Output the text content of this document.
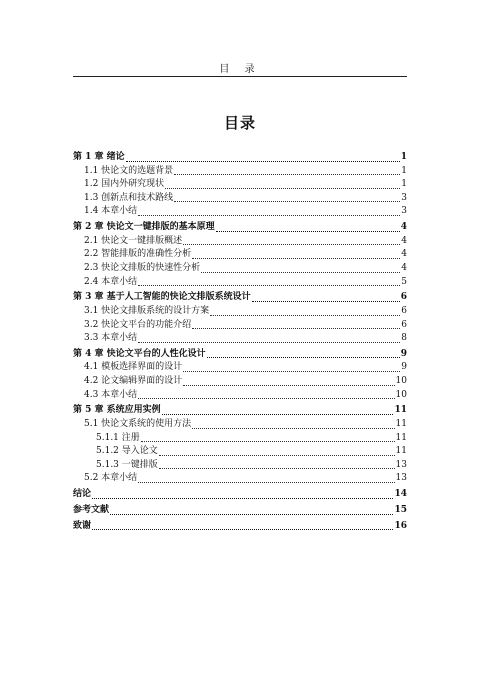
目 录
目录
第 1 章 绪论	1
1.1 快论文的选题背景	1
1.2 国内外研究现状	1
1.3 创新点和技术路线	3
1.4 本章小结	3
第 2 章 快论文一键排版的基本原理	4
2.1 快论文一键排版概述	4
2.2 智能排版的准确性分析	4
2.3 快论文排版的快速性分析	4
2.4 本章小结	5
第 3 章 基于人工智能的快论文排版系统设计	6
3.1 快论文排版系统的设计方案	6
3.2 快论文平台的功能介绍	6
3.3 本章小结	8
第 4 章 快论文平台的人性化设计	9
4.1 模板选择界面的设计	9
4.2 论文编辑界面的设计	10
4.3 本章小结	10
第 5 章 系统应用实例	11
5.1 快论文系统的使用方法	11
5.1.1 注册	11
5.1.2 导入论文	11
5.1.3 一键排版	13
5.2 本章小结	13
结论	14
参考文献	15
致谢	16
